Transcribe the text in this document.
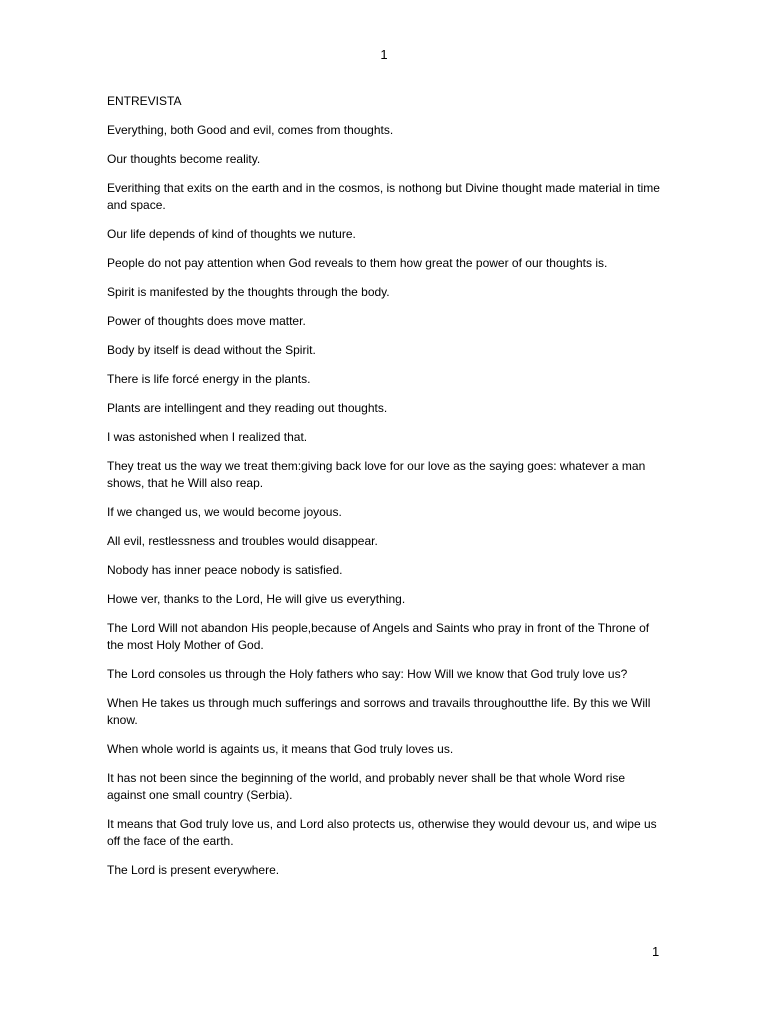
1

ENTREVISTA

Everything, both Good and evil, comes from thoughts.

Our thoughts become reality.

Everithing that exits on the earth and in the cosmos, is nothong but Divine thought made material in time and space.

Our life depends of kind of thoughts we nuture.

People do not pay attention when God reveals to them how great the power of our thoughts is.

Spirit is manifested by the thoughts through the body.

Power of thoughts does move matter.

Body by itself is dead without the Spirit.

There is life forcé energy in the plants.

Plants are intellingent and they reading out thoughts.

I was astonished when I realized that.

They treat us the way we treat them:giving back love for our love as the saying goes: whatever a man shows, that he Will also reap.

If we changed us, we would become joyous.

All evil, restlessness and troubles would disappear.

Nobody has inner peace nobody is satisfied.

Howe ver, thanks to the Lord, He will give us everything.

The Lord Will not abandon His people,because of Angels and Saints who pray in front of the Throne of the most Holy Mother of God.

The Lord consoles us through the Holy fathers who say: How Will we know that God truly love us?

When He takes us through much sufferings and sorrows and travails throughoutthe life. By this we Will know.

When whole world is againts us, it means that God truly loves us.

It has not been since the beginning of the world, and probably never shall be that whole Word rise against one small country (Serbia).

It means that God truly love us, and Lord also protects us, otherwise they would devour us, and wipe us off the face of the earth.

The Lord is present everywhere.

1
